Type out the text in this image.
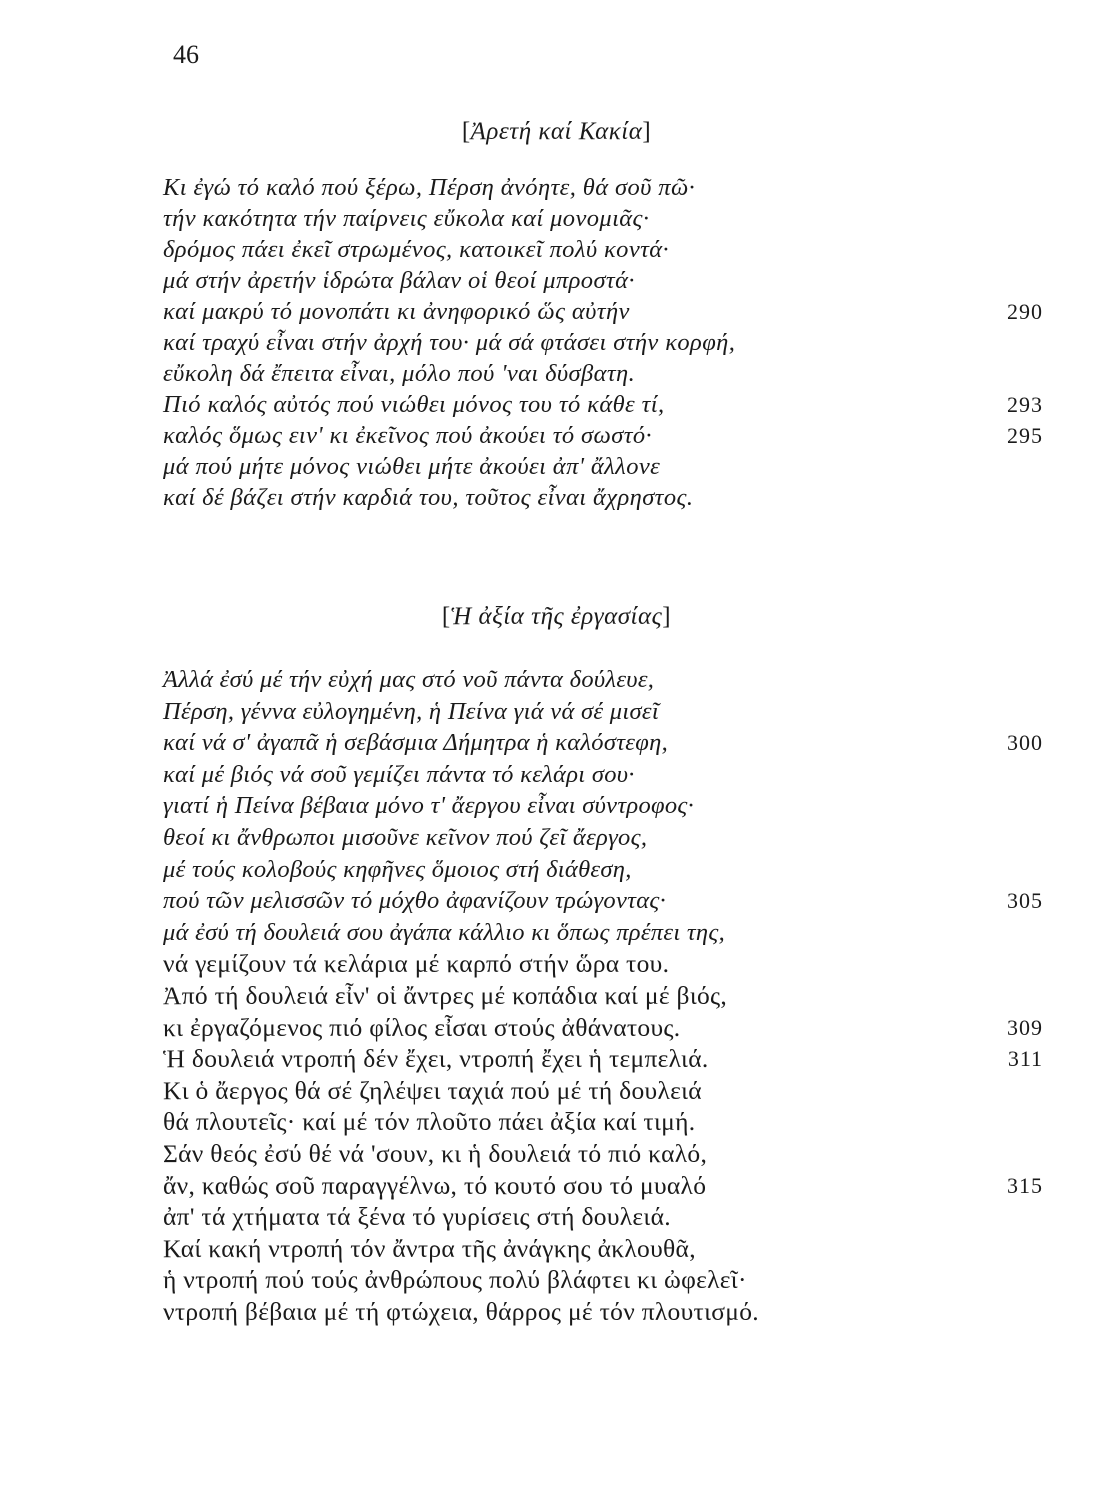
46
[Ἀρετή καί Κακία]
Κι ἐγώ τό καλό πού ξέρω, Πέρση ἀνόητε, θά σοῦ πῶ·
τήν κακότητα τήν παίρνεις εὔκολα καί μονομιᾶς·
δρόμος πάει ἐκεῖ στρωμένος, κατοικεῖ πολύ κοντά·
μά στήν ἀρετήν ἱδρώτα βάλαν οἱ θεοί μπροστά·
καί μακρύ τό μονοπάτι κι ἀνηφορικό ὥς αὐτήν	290
καί τραχύ εἶναι στήν ἀρχή του· μά σά φτάσει στήν κορφή,
εὔκολη δά ἔπειτα εἶναι, μόλο πού 'ναι δύσβατη.
Πιό καλός αὐτός πού νιώθει μόνος του τό κάθε τί,	293
καλός ὅμως ειν' κι ἐκεῖνος πού ἀκούει τό σωστό·	295
μά πού μήτε μόνος νιώθει μήτε ἀκούει ἀπ' ἄλλονε
καί δέ βάζει στήν καρδιά του, τοῦτος εἶναι ἄχρηστος.
[Ἡ ἀξία τῆς ἐργασίας]
Ἀλλά ἐσύ μέ τήν εὐχή μας στό νοῦ πάντα δούλευε,
Πέρση, γέννα εὐλογημένη, ἡ Πείνα γιά νά σέ μισεῖ
καί νά σ' ἀγαπᾶ ἡ σεβάσμια Δήμητρα ἡ καλόστεφη,	300
καί μέ βιός νά σοῦ γεμίζει πάντα τό κελάρι σου·
γιατί ἡ Πείνα βέβαια μόνο τ' ἄεργου εἶναι σύντροφος·
θεοί κι ἄνθρωποι μισοῦνε κεῖνον πού ζεῖ ἄεργος,
μέ τούς κολοβούς κηφῆνες ὅμοιος στή διάθεση,
πού τῶν μελισσῶν τό μόχθο ἀφανίζουν τρώγοντας·	305
μά ἐσύ τή δουλειά σου ἀγάπα κάλλιο κι ὅπως πρέπει της,
νά γεμίζουν τά κελάρια μέ καρπό στήν ὥρα του.
Ἀπό τή δουλειά εἶν' οἱ ἄντρες μέ κοπάδια καί μέ βιός,
κι ἐργαζόμενος πιό φίλος εἶσαι στούς ἀθάνατους.	309
Ἡ δουλειά ντροπή δέν ἔχει, ντροπή ἔχει ἡ τεμπελιά.	311
Κι ὁ ἄεργος θά σέ ζηλέψει ταχιά πού μέ τή δουλειά
θά πλουτεῖς· καί μέ τόν πλοῦτο πάει ἀξία καί τιμή.
Σάν θεός ἐσύ θέ νά 'σουν, κι ἡ δουλειά τό πιό καλό,
ἄν, καθώς σοῦ παραγγέλνω, τό κουτό σου τό μυαλό	315
ἀπ' τά χτήματα τά ξένα τό γυρίσεις στή δουλειά.
Καί κακή ντροπή τόν ἄντρα τῆς ἀνάγκης ἀκλουθᾶ,
ἡ ντροπή πού τούς ἀνθρώπους πολύ βλάφτει κι ὠφελεῖ·
ντροπή βέβαια μέ τή φτώχεια, θάρρος μέ τόν πλουτισμό.
